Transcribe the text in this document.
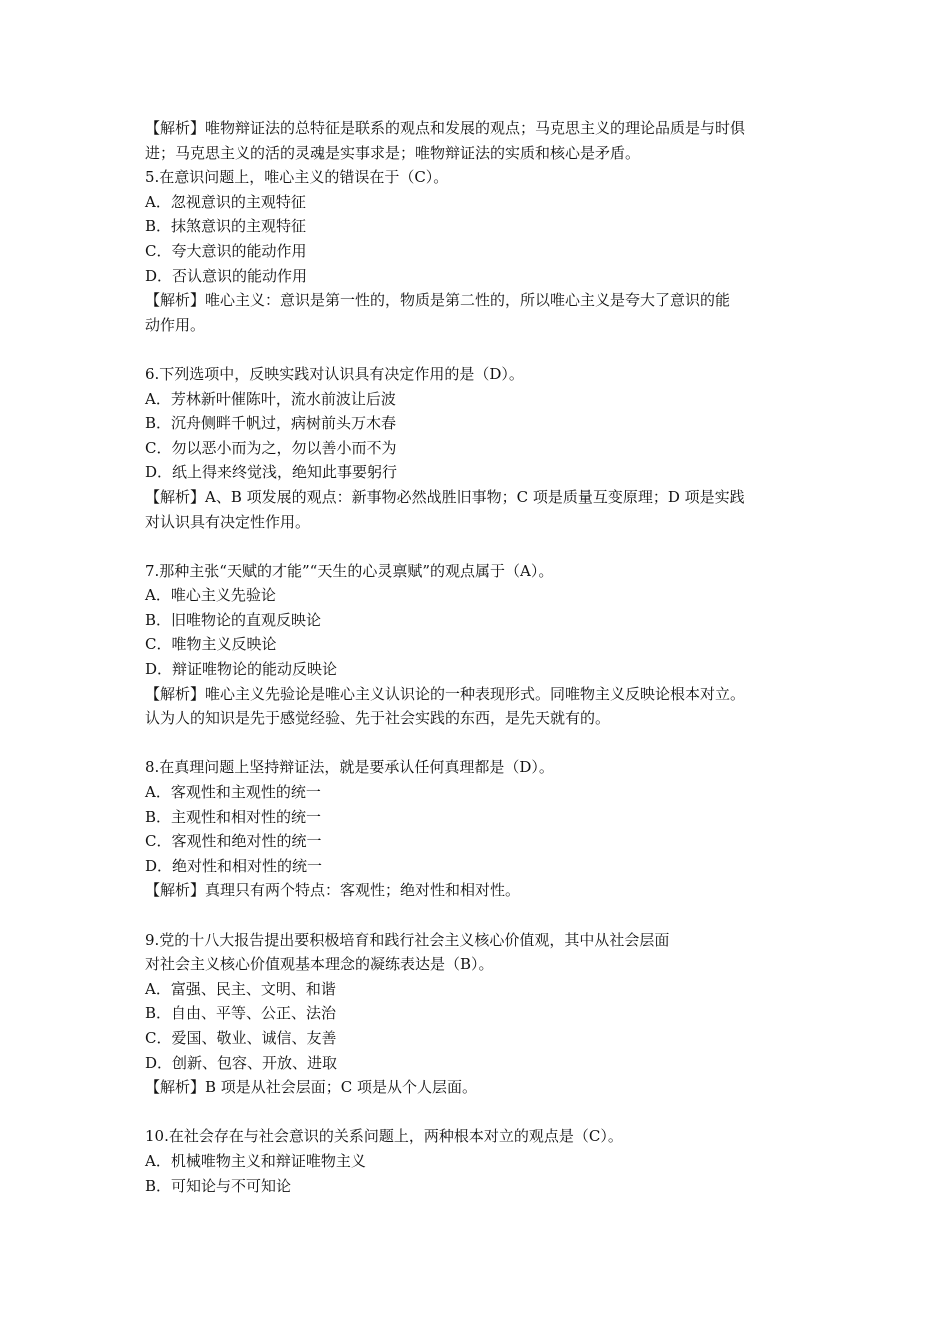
【解析】唯物辩证法的总特征是联系的观点和发展的观点；马克思主义的理论品质是与时俱
进；马克思主义的活的灵魂是实事求是；唯物辩证法的实质和核心是矛盾。
5.在意识问题上，唯心主义的错误在于（C）。
A．忽视意识的主观特征
B．抹煞意识的主观特征
C．夸大意识的能动作用
D．否认意识的能动作用
【解析】唯心主义：意识是第一性的，物质是第二性的，所以唯心主义是夸大了意识的能
动作用。
6.下列选项中，反映实践对认识具有决定作用的是（D）。
A．芳林新叶催陈叶，流水前波让后波
B．沉舟侧畔千帆过，病树前头万木春
C．勿以恶小而为之，勿以善小而不为
D．纸上得来终觉浅，绝知此事要躬行
【解析】A、B 项发展的观点：新事物必然战胜旧事物；C 项是质量互变原理；D 项是实践
对认识具有决定性作用。
7.那种主张“天赋的才能”“天生的心灵禀赋”的观点属于（A）。
A．唯心主义先验论
B．旧唯物论的直观反映论
C．唯物主义反映论
D．辩证唯物论的能动反映论
【解析】唯心主义先验论是唯心主义认识论的一种表现形式。同唯物主义反映论根本对立。
认为人的知识是先于感觉经验、先于社会实践的东西，是先天就有的。
8.在真理问题上坚持辩证法，就是要承认任何真理都是（D）。
A．客观性和主观性的统一
B．主观性和相对性的统一
C．客观性和绝对性的统一
D．绝对性和相对性的统一
【解析】真理只有两个特点：客观性；绝对性和相对性。
9.党的十八大报告提出要积极培育和践行社会主义核心价值观，其中从社会层面
对社会主义核心价值观基本理念的凝练表达是（B）。
A．富强、民主、文明、和谐
B．自由、平等、公正、法治
C．爱国、敬业、诚信、友善
D．创新、包容、开放、进取
【解析】B 项是从社会层面；C 项是从个人层面。
10.在社会存在与社会意识的关系问题上，两种根本对立的观点是（C）。
A．机械唯物主义和辩证唯物主义
B．可知论与不可知论
